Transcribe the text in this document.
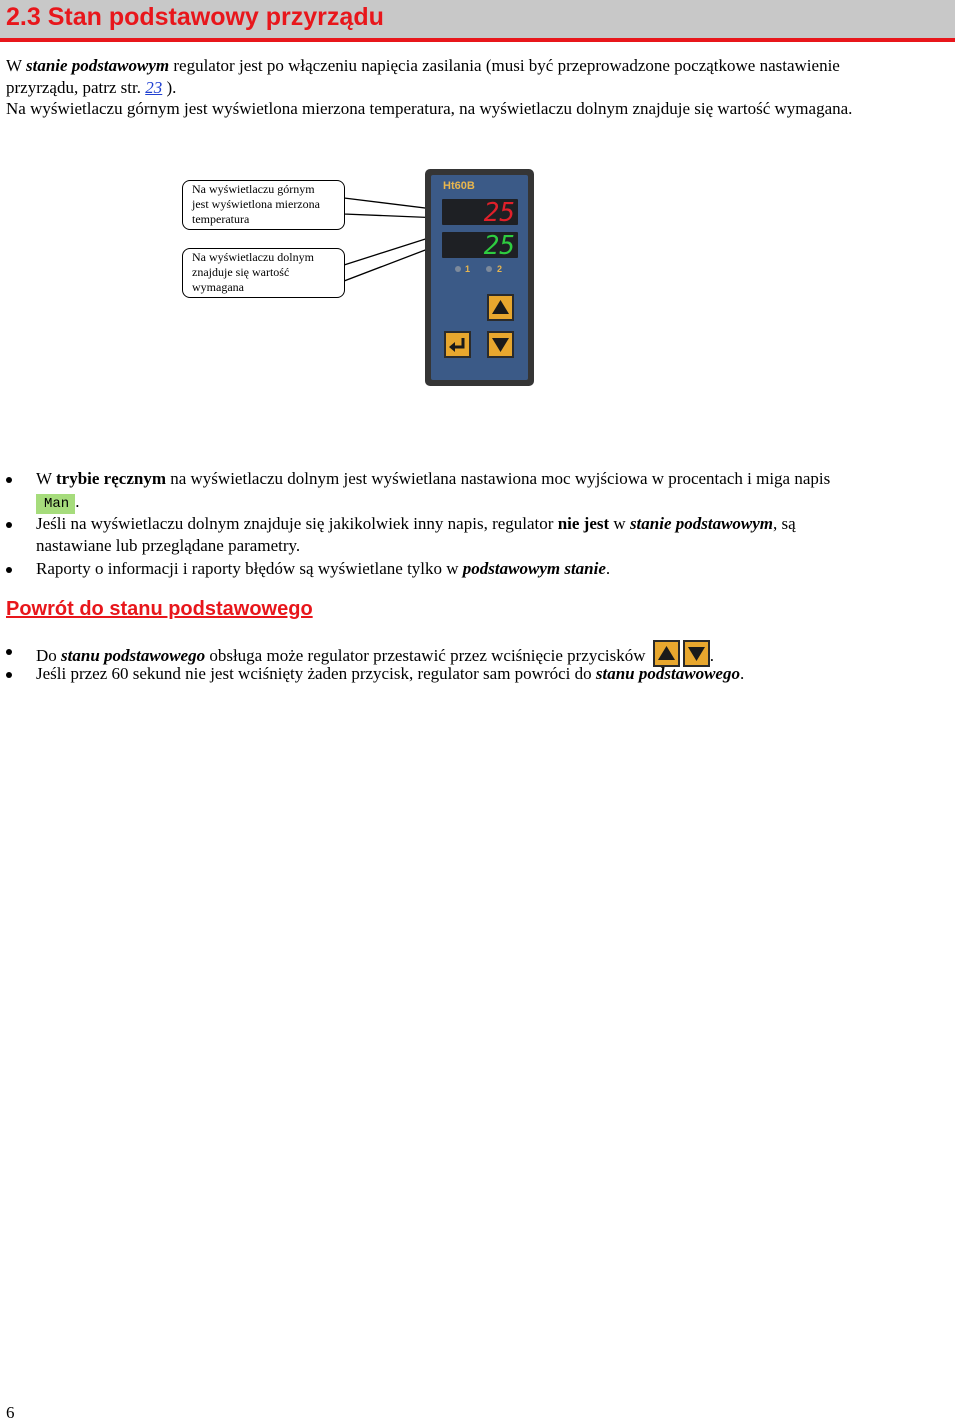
2.3 Stan podstawowy przyrządu
W stanie podstawowym regulator jest po włączeniu napięcia zasilania (musi być przeprowadzone początkowe nastawienie
przyrządu, patrz str. 23 ).
Na wyświetlaczu górnym jest wyświetlona mierzona temperatura, na wyświetlaczu dolnym znajduje się wartość wymagana.
Na wyświetlaczu górnym
jest wyświetlona mierzona
temperatura
Na wyświetlaczu dolnym
znajduje się wartość
wymagana
Ht60B
25
25
1	2
W trybie ręcznym na wyświetlaczu dolnym jest wyświetlana nastawiona moc wyjściowa w procentach i miga napis
Man .
Jeśli na wyświetlaczu dolnym znajduje się jakikolwiek inny napis, regulator nie jest w stanie podstawowym, są
nastawiane lub przeglądane parametry.
Raporty o informacji i raporty błędów są wyświetlane tylko w podstawowym stanie.
Powrót do stanu podstawowego
Do stanu podstawowego obsługa może regulator przestawić przez wciśnięcie przycisków	.
Jeśli przez 60 sekund nie jest wciśnięty żaden przycisk, regulator sam powróci do stanu podstawowego.
6
